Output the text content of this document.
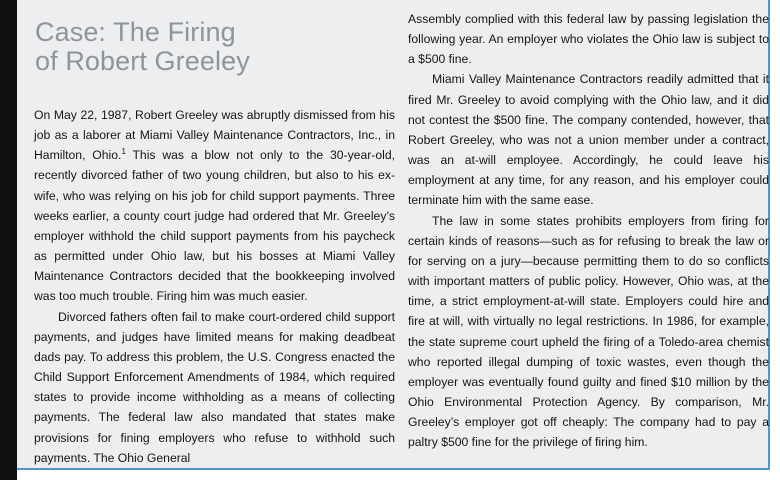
Case: The Firing
of Robert Greeley

On May 22, 1987, Robert Greeley was abruptly dismissed from his job as a laborer at Miami Valley Maintenance Contractors, Inc., in Hamilton, Ohio.$^1$ This was a blow not only to the 30-year-old, recently divorced father of two young children, but also to his ex-wife, who was relying on his job for child support payments. Three weeks earlier, a county court judge had ordered that Mr. Greeley’s employer withhold the child support payments from his paycheck as permitted under Ohio law, but his bosses at Miami Valley Maintenance Contractors decided that the bookkeeping involved was too much trouble. Firing him was much easier.

Divorced fathers often fail to make court-ordered child support payments, and judges have limited means for making deadbeat dads pay. To address this problem, the U.S. Congress enacted the Child Support Enforcement Amendments of 1984, which required states to provide income withholding as a means of collecting payments. The federal law also mandated that states make provisions for fining employers who refuse to withhold such payments. The Ohio General

Assembly complied with this federal law by passing legislation the following year. An employer who violates the Ohio law is subject to a $500 fine.

Miami Valley Maintenance Contractors readily admitted that it fired Mr. Greeley to avoid complying with the Ohio law, and it did not contest the $500 fine. The company contended, however, that Robert Greeley, who was not a union member under a contract, was an at-will employee. Accordingly, he could leave his employment at any time, for any reason, and his employer could terminate him with the same ease.

The law in some states prohibits employers from firing for certain kinds of reasons—such as for refusing to break the law or for serving on a jury—because permitting them to do so conflicts with important matters of public policy. However, Ohio was, at the time, a strict employment-at-will state. Employers could hire and fire at will, with virtually no legal restrictions. In 1986, for example, the state supreme court upheld the firing of a Toledo-area chemist who reported illegal dumping of toxic wastes, even though the employer was eventually found guilty and fined $10 million by the Ohio Environmental Protection Agency. By comparison, Mr. Greeley’s employer got off cheaply: The company had to pay a paltry $500 fine for the privilege of firing him.
